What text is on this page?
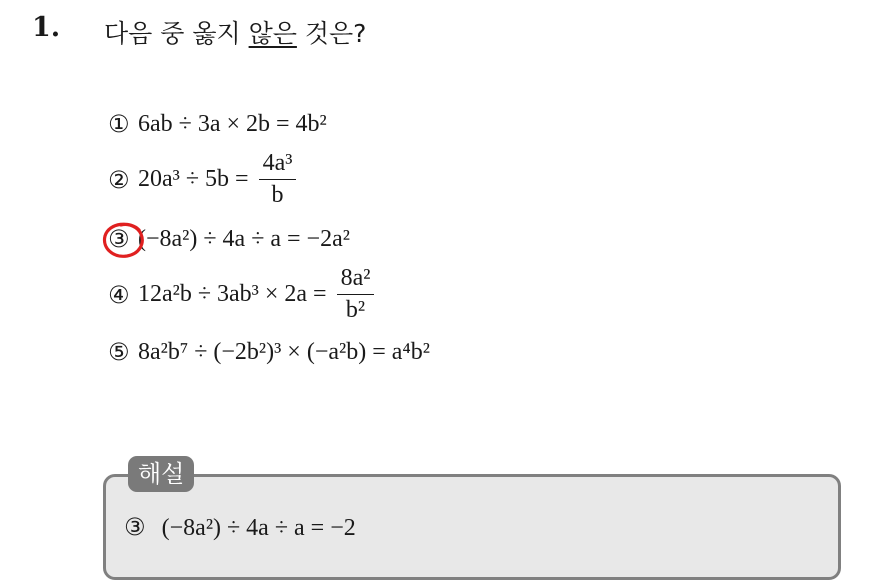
1. 다음 중 옳지 않은 것은?
① 6ab ÷ 3a × 2b = 4b²
② $20a^3 \div 5b = \frac{\text{4a³}}{b}$
③ (−8a²) ÷ 4a ÷ a = −2a²
④ $12a^2b \div 3ab^3 \times 2a = \frac{\text{8a²}}{\text{b²}}$
⑤ 8a²b⁷ ÷ (−2b²)³ × (−a²b) = a⁴b²
해설
③ (−8a²) ÷ 4a ÷ a = −2
